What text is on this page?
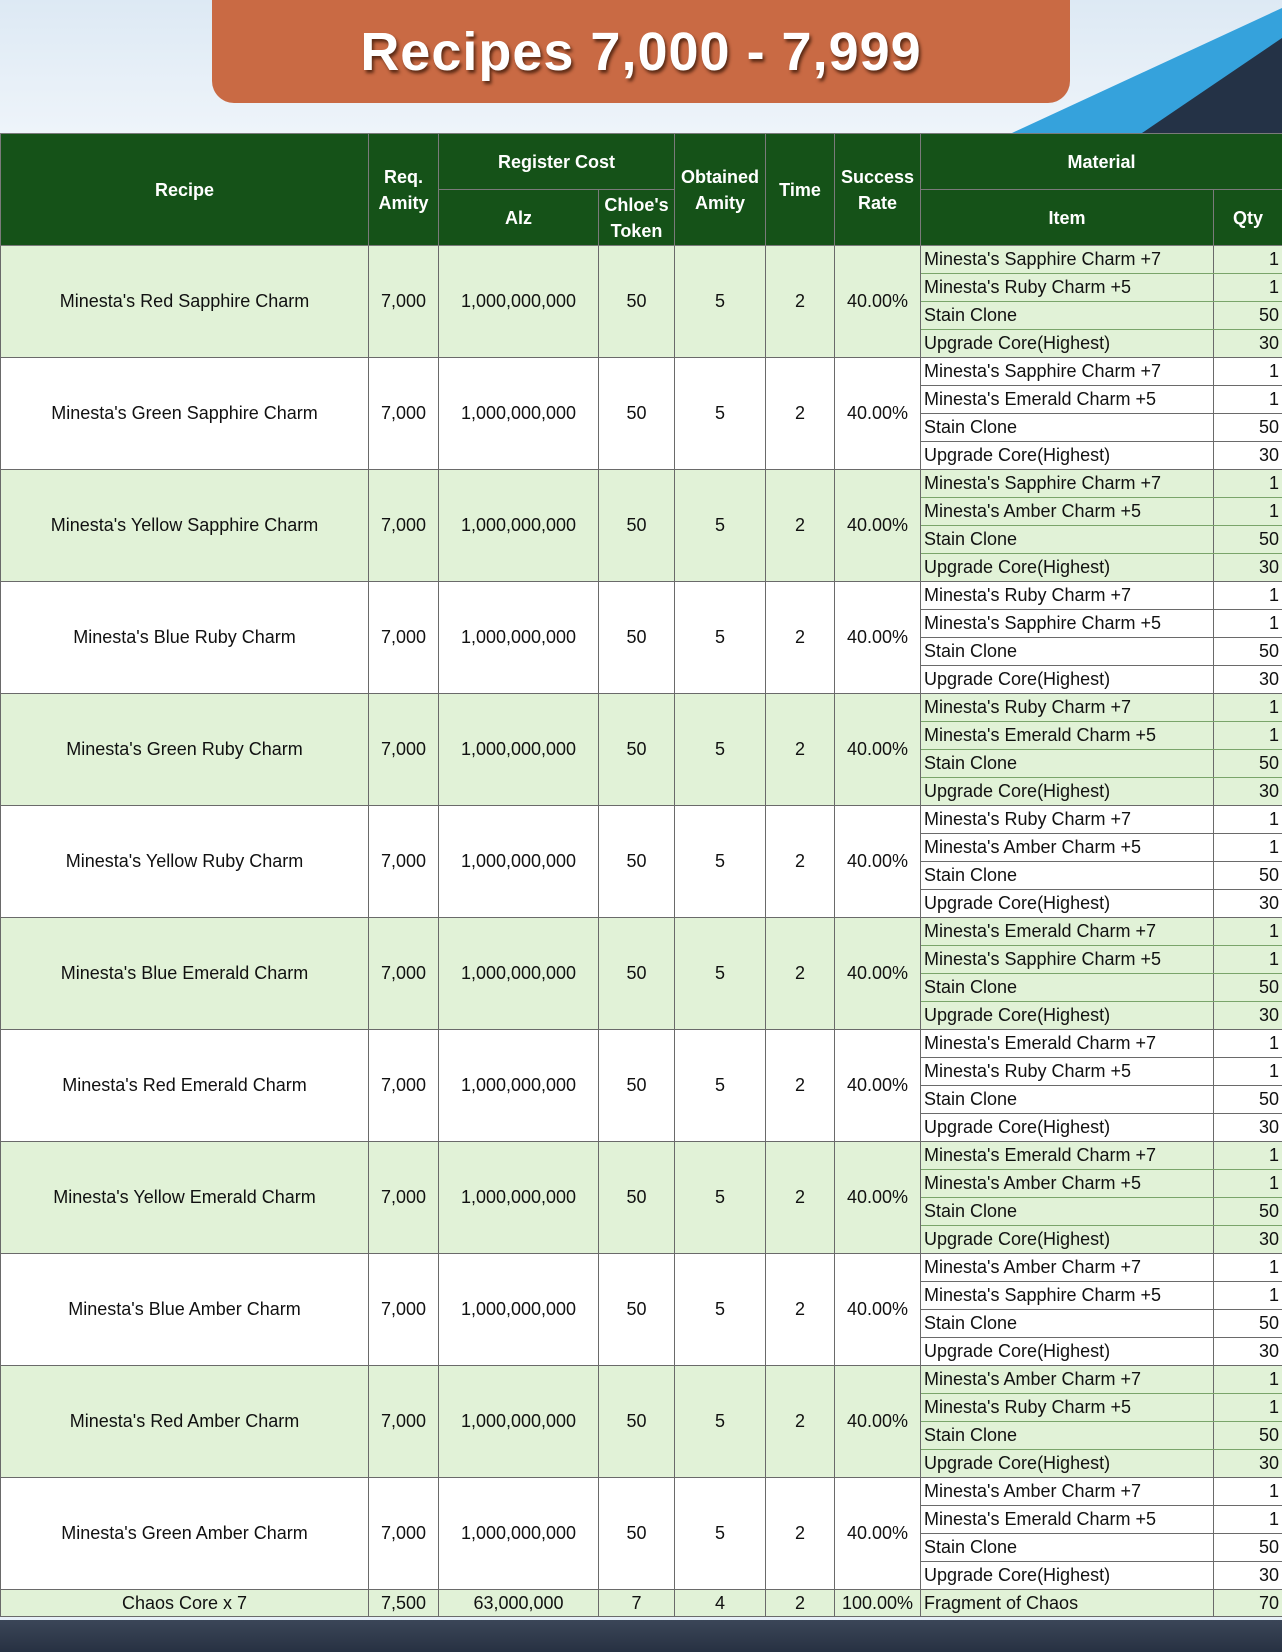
Recipes 7,000 - 7,999
Recipe	Req. Amity	Register Cost		Obtained Amity	Time	Success Rate	Material	
		Alz	Chloe's Token				Item	Qty
Minesta's Red Sapphire Charm	7,000	1,000,000,000	50	5	2	40.00%	Minesta's Sapphire Charm +7	1
							Minesta's Ruby Charm +5	1
							Stain Clone	50
							Upgrade Core(Highest)	30
Minesta's Green Sapphire Charm	7,000	1,000,000,000	50	5	2	40.00%	Minesta's Sapphire Charm +7	1
							Minesta's Emerald Charm +5	1
							Stain Clone	50
							Upgrade Core(Highest)	30
Minesta's Yellow Sapphire Charm	7,000	1,000,000,000	50	5	2	40.00%	Minesta's Sapphire Charm +7	1
							Minesta's Amber Charm +5	1
							Stain Clone	50
							Upgrade Core(Highest)	30
Minesta's Blue Ruby Charm	7,000	1,000,000,000	50	5	2	40.00%	Minesta's Ruby Charm +7	1
							Minesta's Sapphire Charm +5	1
							Stain Clone	50
							Upgrade Core(Highest)	30
Minesta's Green Ruby Charm	7,000	1,000,000,000	50	5	2	40.00%	Minesta's Ruby Charm +7	1
							Minesta's Emerald Charm +5	1
							Stain Clone	50
							Upgrade Core(Highest)	30
Minesta's Yellow Ruby Charm	7,000	1,000,000,000	50	5	2	40.00%	Minesta's Ruby Charm +7	1
							Minesta's Amber Charm +5	1
							Stain Clone	50
							Upgrade Core(Highest)	30
Minesta's Blue Emerald Charm	7,000	1,000,000,000	50	5	2	40.00%	Minesta's Emerald Charm +7	1
							Minesta's Sapphire Charm +5	1
							Stain Clone	50
							Upgrade Core(Highest)	30
Minesta's Red Emerald Charm	7,000	1,000,000,000	50	5	2	40.00%	Minesta's Emerald Charm +7	1
							Minesta's Ruby Charm +5	1
							Stain Clone	50
							Upgrade Core(Highest)	30
Minesta's Yellow Emerald Charm	7,000	1,000,000,000	50	5	2	40.00%	Minesta's Emerald Charm +7	1
							Minesta's Amber Charm +5	1
							Stain Clone	50
							Upgrade Core(Highest)	30
Minesta's Blue Amber Charm	7,000	1,000,000,000	50	5	2	40.00%	Minesta's Amber Charm +7	1
							Minesta's Sapphire Charm +5	1
							Stain Clone	50
							Upgrade Core(Highest)	30
Minesta's Red Amber Charm	7,000	1,000,000,000	50	5	2	40.00%	Minesta's Amber Charm +7	1
							Minesta's Ruby Charm +5	1
							Stain Clone	50
							Upgrade Core(Highest)	30
Minesta's Green Amber Charm	7,000	1,000,000,000	50	5	2	40.00%	Minesta's Amber Charm +7	1
							Minesta's Emerald Charm +5	1
							Stain Clone	50
							Upgrade Core(Highest)	30
Chaos Core x 7	7,500	63,000,000	7	4	2	100.00%	Fragment of Chaos	70
